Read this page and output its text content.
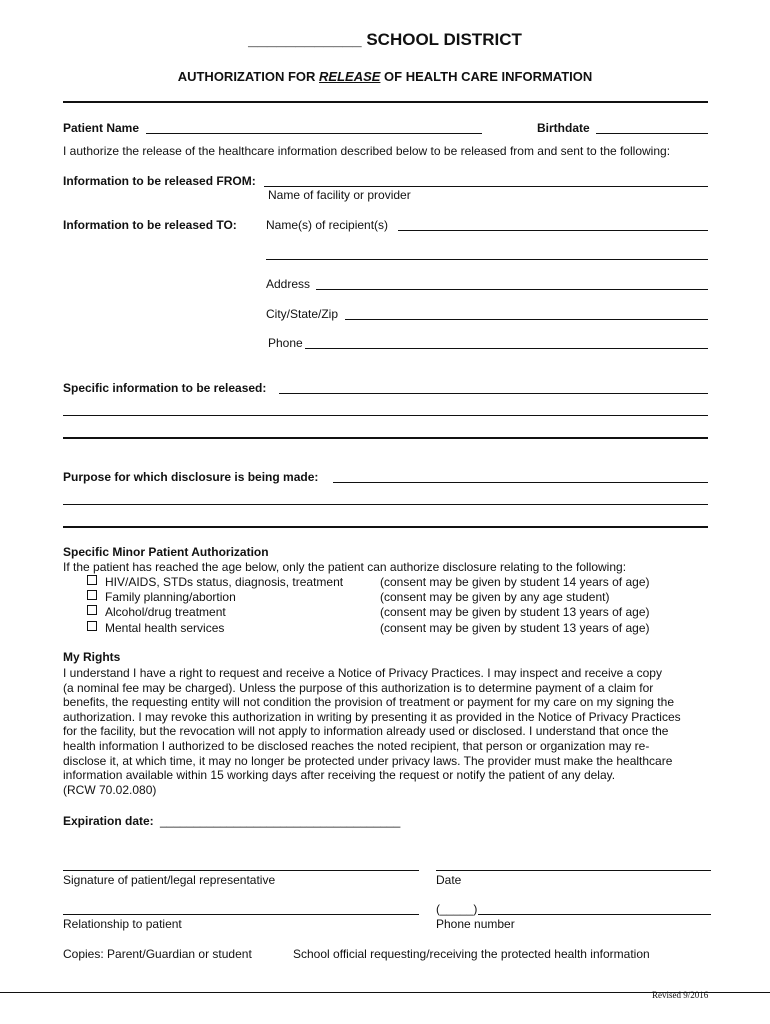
____________ SCHOOL DISTRICT
AUTHORIZATION FOR RELEASE OF HEALTH CARE INFORMATION
Patient Name	Birthdate
I authorize the release of the healthcare information described below to be released from and sent to the following:
Information to be released FROM:
Name of facility or provider
Information to be released TO: Name(s) of recipient(s)
Address
City/State/Zip
Phone
Specific information to be released:
Purpose for which disclosure is being made:
Specific Minor Patient Authorization
If the patient has reached the age below, only the patient can authorize disclosure relating to the following:
HIV/AIDS, STDs status, diagnosis, treatment	(consent may be given by student 14 years of age)
Family planning/abortion	(consent may be given by any age student)
Alcohol/drug treatment	(consent may be given by student 13 years of age)
Mental health services	(consent may be given by student 13 years of age)
My Rights
I understand I have a right to request and receive a Notice of Privacy Practices. I may inspect and receive a copy
(a nominal fee may be charged). Unless the purpose of this authorization is to determine payment of a claim for
benefits, the requesting entity will not condition the provision of treatment or payment for my care on my signing the
authorization. I may revoke this authorization in writing by presenting it as provided in the Notice of Privacy Practices
for the facility, but the revocation will not apply to information already used or disclosed. I understand that once the
health information I authorized to be disclosed reaches the noted recipient, that person or organization may re-
disclose it, at which time, it may no longer be protected under privacy laws. The provider must make the healthcare
information available within 15 working days after receiving the request or notify the patient of any delay.
(RCW 70.02.080)
Expiration date: ____________________________________
Signature of patient/legal representative	Date
(_____)
Relationship to patient	Phone number
Copies: Parent/Guardian or student	School official requesting/receiving the protected health information
Revised 9/2016
